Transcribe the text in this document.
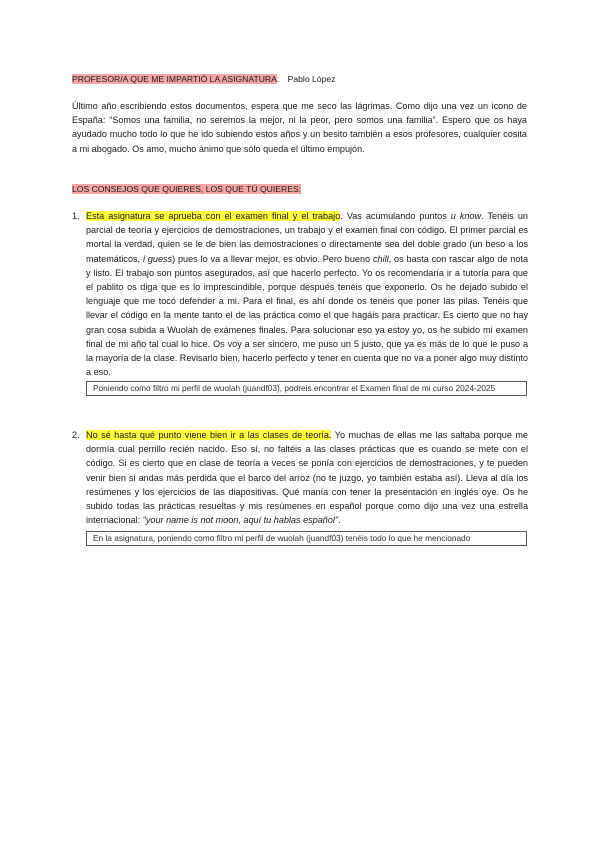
PROFESOR/A QUE ME IMPARTIÓ LA ASIGNATURA: Pablo López
Último año escribiendo estos documentos, espera que me seco las lágrimas. Como dijo una vez un icono de España: “Somos una familia, no seremos la mejor, ni la peor, pero somos una familia”. Espero que os haya ayudado mucho todo lo que he ido subiendo estos años y un besito también a esos profesores, cualquier cosita a mi abogado. Os amo, mucho ánimo que sólo queda el último empujón.
LOS CONSEJOS QUE QUIERES, LOS QUE TÚ QUIERES:
1. Esta asignatura se aprueba con el examen final y el trabajo. Vas acumulando puntos u know. Tenéis un parcial de teoría y ejercicios de demostraciones, un trabajo y el examen final con código. El primer parcial es mortal la verdad, quien se le de bien las demostraciones o directamente sea del doble grado (un beso a los matemáticos, i guess) pues lo va a llevar mejor, es obvio. Pero bueno chill, os basta con rascar algo de nota y listo. El trabajo son puntos asegurados, así que hacerlo perfecto. Yo os recomendaría ir a tutoría para que el pablito os diga que es lo imprescindible, porque después tenéis que exponerlo. Os he dejado subido el lenguaje que me tocó defender a mi. Para el final, es ahí donde os tenéis que poner las pilas. Tenéis que llevar el código en la mente tanto el de las práctica como el que hagáis para practicar. Es cierto que no hay gran cosa subida a Wuolah de exámenes finales. Para solucionar eso ya estoy yo, os he subido mi examen final de mi año tal cual lo hice. Os voy a ser sincero, me puso un 5 justo, que ya es más de lo que le puso a la mayoría de la clase. Revisarlo bien, hacerlo perfecto y tener en cuenta que no va a poner algo muy distinto a eso.
Poniendo como filtro mi perfil de wuolah (juandf03), podreis encontrar el Examen final de mi curso 2024-2025
2. No sé hasta qué punto viene bien ir a las clases de teoría. Yo muchas de ellas me las saltaba porque me dormía cual perrillo recién nacido. Eso sí, no faltéis a las clases prácticas que es cuando se mete con el código. Si es cierto que en clase de teoría a veces se ponía con ejercicios de demostraciones, y te pueden venir bien si andas más perdida que el barco del arroz (no te juzgo, yo también estaba así). Lleva al día los resúmenes y los ejercicios de las diapositivas. Qué manía con tener la presentación en inglés oye. Os he subido todas las prácticas resueltas y mis resúmenes en español porque como dijo una vez una estrella internacional: "your name is not moon, aquí tu hablas español".
En la asignatura, poniendo como filtro mi perfil de wuolah (juandf03) tenéis todo lo que he mencionado
